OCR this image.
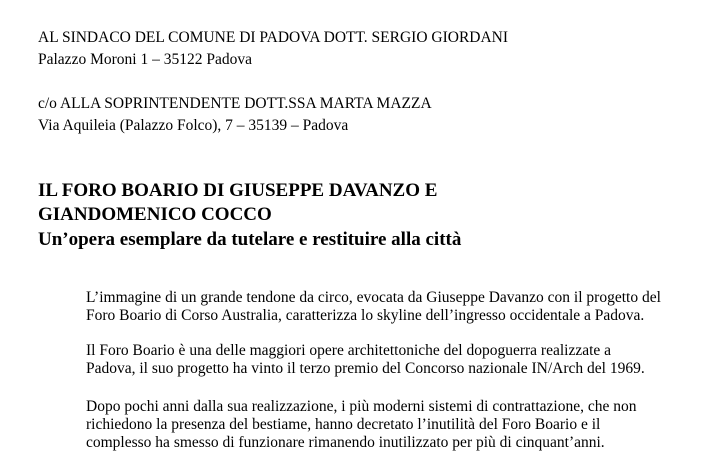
AL SINDACO DEL COMUNE DI PADOVA DOTT. SERGIO GIORDANI
Palazzo Moroni 1 – 35122 Padova
c/o ALLA SOPRINTENDENTE DOTT.SSA MARTA MAZZA
Via Aquileia (Palazzo Folco), 7 – 35139 – Padova
IL FORO BOARIO DI GIUSEPPE DAVANZO E
GIANDOMENICO COCCO
Un’opera esemplare da tutelare e restituire alla città
L’immagine di un grande tendone da circo, evocata da Giuseppe Davanzo con il progetto del
Foro Boario di Corso Australia, caratterizza lo skyline dell’ingresso occidentale a Padova.
Il Foro Boario è una delle maggiori opere architettoniche del dopoguerra realizzate a
Padova, il suo progetto ha vinto il terzo premio del Concorso nazionale IN/Arch del 1969.
Dopo pochi anni dalla sua realizzazione, i più moderni sistemi di contrattazione, che non
richiedono la presenza del bestiame, hanno decretato l’inutilità del Foro Boario e il
complesso ha smesso di funzionare rimanendo inutilizzato per più di cinquant’anni.
